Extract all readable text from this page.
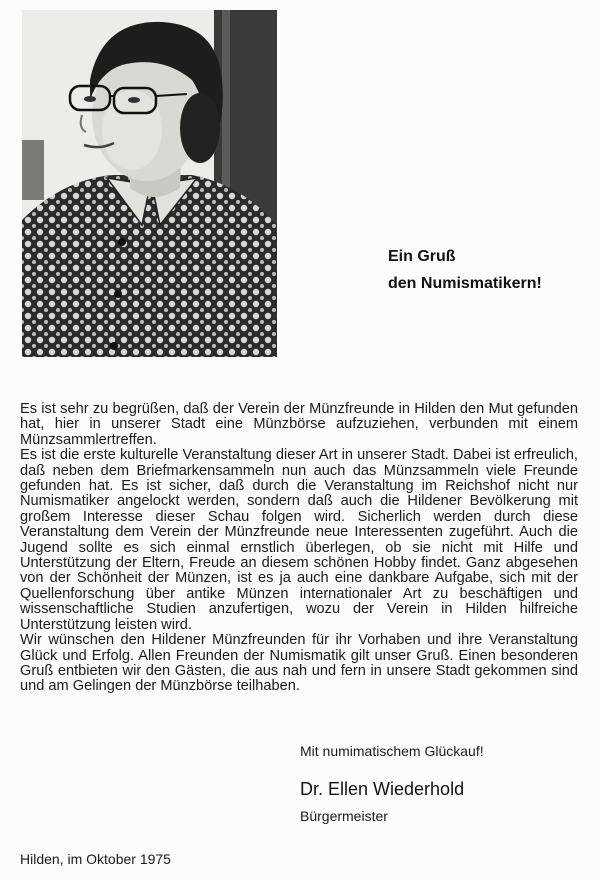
Ein Gruß
den Numismatikern!

Es ist sehr zu begrüßen, daß der Verein der Münzfreunde in Hilden den Mut gefunden hat, hier in unserer Stadt eine Münzbörse aufzuziehen, verbunden mit einem Münzsammlertreffen.

Es ist die erste kulturelle Veranstaltung dieser Art in unserer Stadt. Dabei ist erfreulich, daß neben dem Briefmarkensammeln nun auch das Münzsammeln viele Freunde gefunden hat. Es ist sicher, daß durch die Veranstaltung im Reichshof nicht nur Numismatiker angelockt werden, sondern daß auch die Hildener Bevölkerung mit großem Interesse dieser Schau folgen wird. Sicherlich werden durch diese Veranstaltung dem Verein der Münzfreunde neue Interessenten zugeführt. Auch die Jugend sollte es sich einmal ernstlich überlegen, ob sie nicht mit Hilfe und Unterstützung der Eltern, Freude an diesem schönen Hobby findet. Ganz abgesehen von der Schönheit der Münzen, ist es ja auch eine dankbare Aufgabe, sich mit der Quellenforschung über antike Münzen internationaler Art zu beschäftigen und wissenschaftliche Studien anzufertigen, wozu der Verein in Hilden hilfreiche Unterstützung leisten wird.

Wir wünschen den Hildener Münzfreunden für ihr Vorhaben und ihre Veranstaltung Glück und Erfolg. Allen Freunden der Numismatik gilt unser Gruß. Einen besonderen Gruß entbieten wir den Gästen, die aus nah und fern in unsere Stadt gekommen sind und am Gelingen der Münzbörse teilhaben.

Mit numimatischem Glückauf!
Dr. Ellen Wiederhold
Bürgermeister
Hilden, im Oktober 1975
